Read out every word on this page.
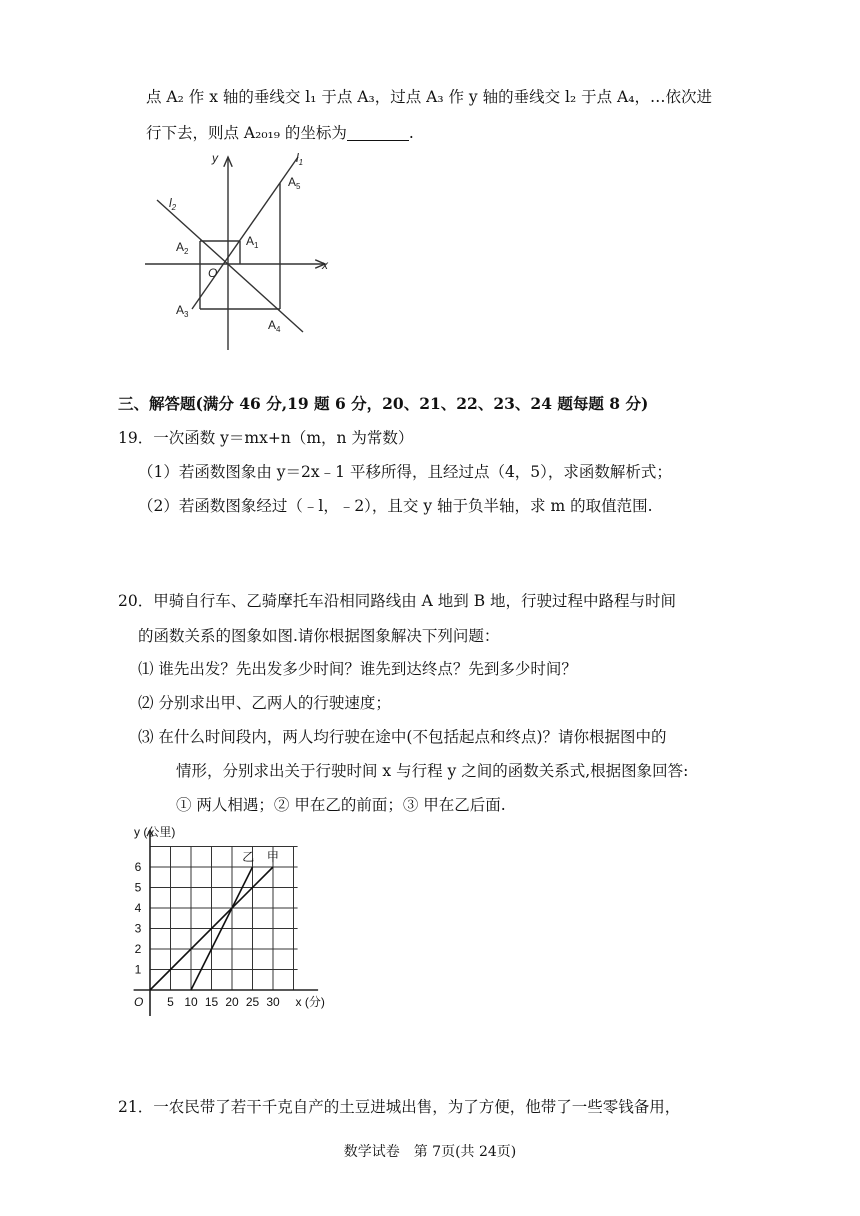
点 A₂ 作 x 轴的垂线交 l₁ 于点 A₃，过点 A₃ 作 y 轴的垂线交 l₂ 于点 A₄，…依次进
行下去，则点 A₂₀₁₉ 的坐标为	.
y
x
$l_1$
$l_2$
$A_5$
$A_1$
$A_2$
O
$A_3$
$A_4$
三、解答题(满分 46 分,19 题 6 分，20、21、22、23、24 题每题 8 分)
19．一次函数 y＝mx+n（m，n 为常数）
（1）若函数图象由 y＝2x﹣1 平移所得，且经过点（4，5），求函数解析式；
（2）若函数图象经过（﹣l，﹣2），且交 y 轴于负半轴，求 m 的取值范围.
20．甲骑自行车、乙骑摩托车沿相同路线由 A 地到 B 地，行驶过程中路程与时间
的函数关系的图象如图.请你根据图象解决下列问题：
⑴ 谁先出发？先出发多少时间？谁先到达终点？先到多少时间？
⑵ 分别求出甲、乙两人的行驶速度；
⑶ 在什么时间段内，两人均行驶在途中(不包括起点和终点)？请你根据图中的
情形，分别求出关于行驶时间 x 与行程 y 之间的函数关系式,根据图象回答:
① 两人相遇；② 甲在乙的前面；③ 甲在乙后面.
乙 甲
5 10 15 20 25 30
1
2
3
4
5
6
O
y (公里)
x (分)
21．一农民带了若干千克自产的土豆进城出售，为了方便，他带了一些零钱备用，
数学试卷　第 7页(共 24页)
